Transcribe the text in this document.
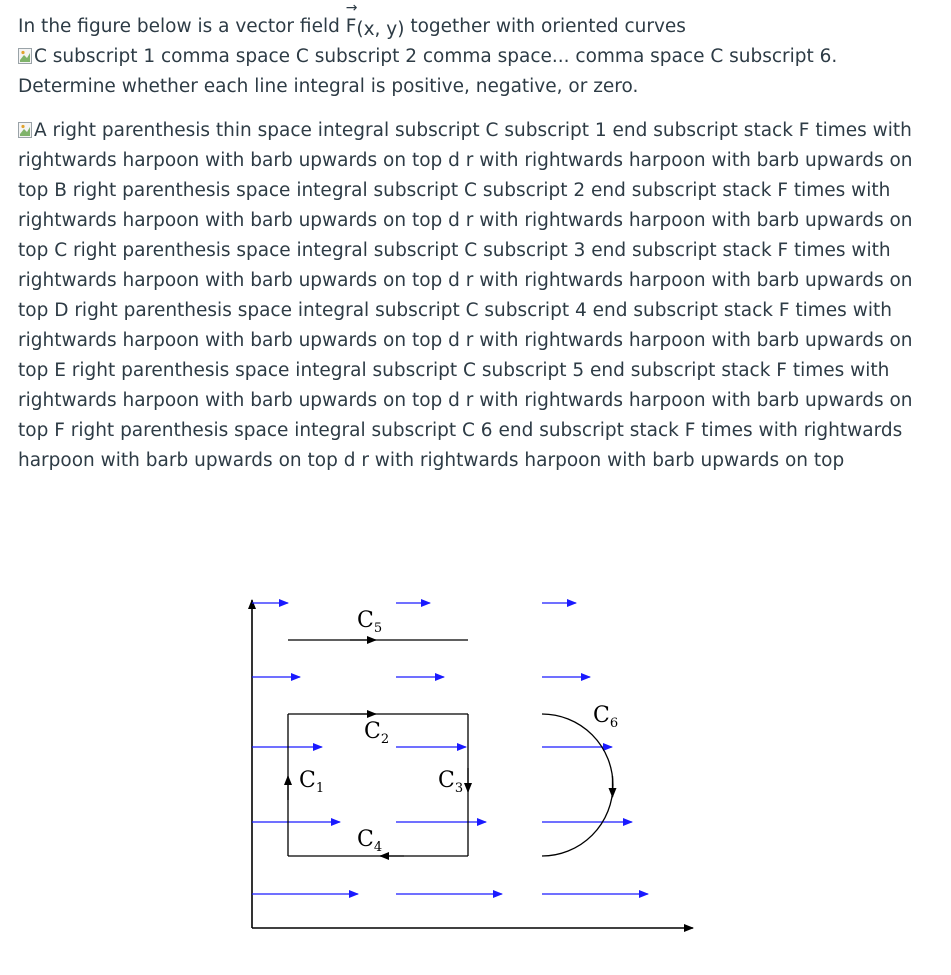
In the figure below is a vector field
→
F(x, y) together with oriented curves

C subscript 1 comma space C subscript 2 comma space... comma space C subscript 6. Determine whether each line integral is positive, negative, or zero.

A right parenthesis thin space integral subscript C subscript 1 end subscript stack F times with rightwards harpoon with barb upwards on top d r with rightwards harpoon with barb upwards on top B right parenthesis space integral subscript C subscript 2 end subscript stack F times with rightwards harpoon with barb upwards on top d r with rightwards harpoon with barb upwards on top C right parenthesis space integral subscript C subscript 3 end subscript stack F times with rightwards harpoon with barb upwards on top d r with rightwards harpoon with barb upwards on top D right parenthesis space integral subscript C subscript 4 end subscript stack F times with rightwards harpoon with barb upwards on top d r with rightwards harpoon with barb upwards on top E right parenthesis space integral subscript C subscript 5 end subscript stack F times with rightwards harpoon with barb upwards on top d r with rightwards harpoon with barb upwards on top F right parenthesis space integral subscript C 6 end subscript stack F times with rightwards harpoon with barb upwards on top d r with rightwards harpoon with barb upwards on top

$C_5$
$C_2$
$C_1$	$C_3$
$C_4$
$C_6$
